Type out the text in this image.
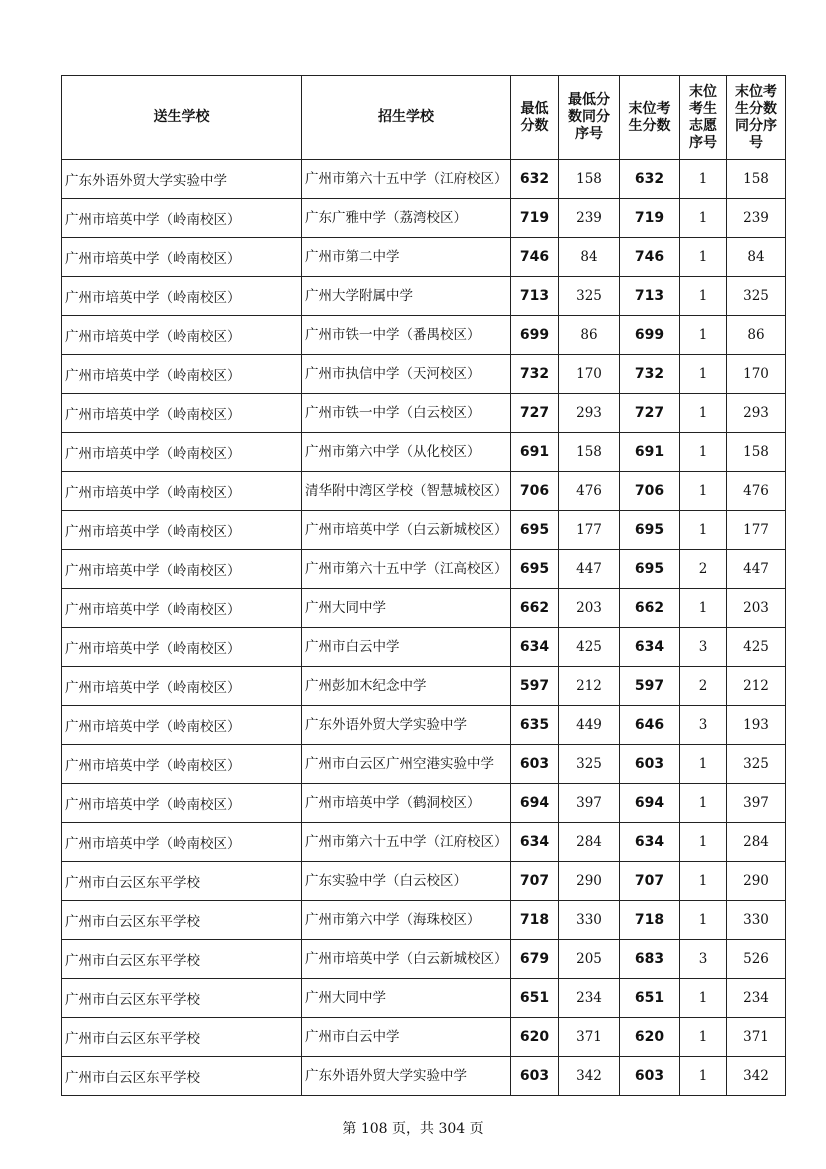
送生学校	招生学校	最低分数	最低分数同分序号	末位考生分数	末位考生志愿序号	末位考生分数同分序号
广东外语外贸大学实验中学	广州市第六十五中学（江府校区）	632	158	632	1	158
广州市培英中学（岭南校区）	广东广雅中学（荔湾校区）	719	239	719	1	239
广州市培英中学（岭南校区）	广州市第二中学	746	84	746	1	84
广州市培英中学（岭南校区）	广州大学附属中学	713	325	713	1	325
广州市培英中学（岭南校区）	广州市铁一中学（番禺校区）	699	86	699	1	86
广州市培英中学（岭南校区）	广州市执信中学（天河校区）	732	170	732	1	170
广州市培英中学（岭南校区）	广州市铁一中学（白云校区）	727	293	727	1	293
广州市培英中学（岭南校区）	广州市第六中学（从化校区）	691	158	691	1	158
广州市培英中学（岭南校区）	清华附中湾区学校（智慧城校区）	706	476	706	1	476
广州市培英中学（岭南校区）	广州市培英中学（白云新城校区）	695	177	695	1	177
广州市培英中学（岭南校区）	广州市第六十五中学（江高校区）	695	447	695	2	447
广州市培英中学（岭南校区）	广州大同中学	662	203	662	1	203
广州市培英中学（岭南校区）	广州市白云中学	634	425	634	3	425
广州市培英中学（岭南校区）	广州彭加木纪念中学	597	212	597	2	212
广州市培英中学（岭南校区）	广东外语外贸大学实验中学	635	449	646	3	193
广州市培英中学（岭南校区）	广州市白云区广州空港实验中学	603	325	603	1	325
广州市培英中学（岭南校区）	广州市培英中学（鹤洞校区）	694	397	694	1	397
广州市培英中学（岭南校区）	广州市第六十五中学（江府校区）	634	284	634	1	284
广州市白云区东平学校	广东实验中学（白云校区）	707	290	707	1	290
广州市白云区东平学校	广州市第六中学（海珠校区）	718	330	718	1	330
广州市白云区东平学校	广州市培英中学（白云新城校区）	679	205	683	3	526
广州市白云区东平学校	广州大同中学	651	234	651	1	234
广州市白云区东平学校	广州市白云中学	620	371	620	1	371
广州市白云区东平学校	广东外语外贸大学实验中学	603	342	603	1	342
第 108 页，共 304 页
